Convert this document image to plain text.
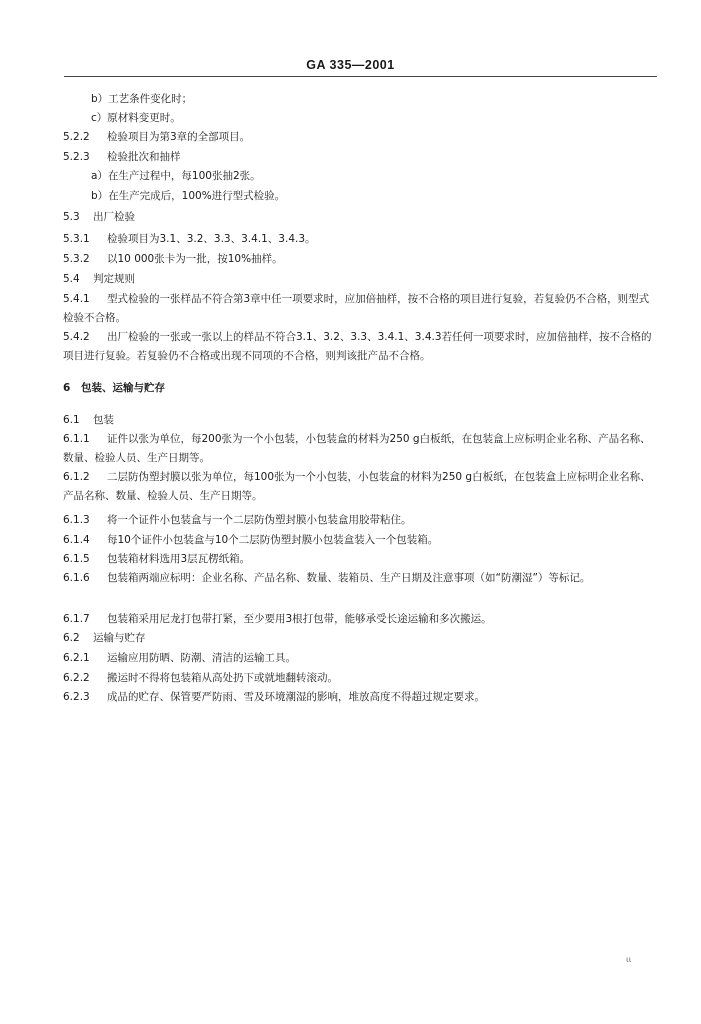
GA 335—2001
b）工艺条件变化时；
c）原材料变更时。
5.2.2 检验项目为第3章的全部项目。
5.2.3 检验批次和抽样
a）在生产过程中，每100张抽2张。
b）在生产完成后，100%进行型式检验。
5.3 出厂检验
5.3.1 检验项目为3.1、3.2、3.3、3.4.1、3.4.3。
5.3.2 以10 000张卡为一批，按10%抽样。
5.4 判定规则
5.4.1 型式检验的一张样品不符合第3章中任一项要求时，应加倍抽样，按不合格的项目进行复验，若复验仍不合格，则型式检验不合格。
5.4.2 出厂检验的一张或一张以上的样品不符合3.1、3.2、3.3、3.4.1、3.4.3若任何一项要求时，应加倍抽样，按不合格的项目进行复验。若复验仍不合格或出现不同项的不合格，则判该批产品不合格。
6 包装、运输与贮存
6.1 包装
6.1.1 证件以张为单位，每200张为一个小包装，小包装盒的材料为250 g白板纸，在包装盒上应标明企业名称、产品名称、数量、检验人员、生产日期等。
6.1.2 二层防伪塑封膜以张为单位，每100张为一个小包装，小包装盒的材料为250 g白板纸，在包装盒上应标明企业名称、产品名称、数量、检验人员、生产日期等。
6.1.3 将一个证件小包装盒与一个二层防伪塑封膜小包装盒用胶带粘住。
6.1.4 每10个证件小包装盒与10个二层防伪塑封膜小包装盒装入一个包装箱。
6.1.5 包装箱材料选用3层瓦楞纸箱。
6.1.6 包装箱两端应标明：企业名称、产品名称、数量、装箱员、生产日期及注意事项（如“防潮湿”）等标记。
6.1.7 包装箱采用尼龙打包带打紧，至少要用3根打包带，能够承受长途运输和多次搬运。
6.2 运输与贮存
6.2.1 运输应用防晒、防潮、清洁的运输工具。
6.2.2 搬运时不得将包装箱从高处扔下或就地翻转滚动。
6.2.3 成品的贮存、保管要严防雨、雪及环境潮湿的影响，堆放高度不得超过规定要求。
ιι
